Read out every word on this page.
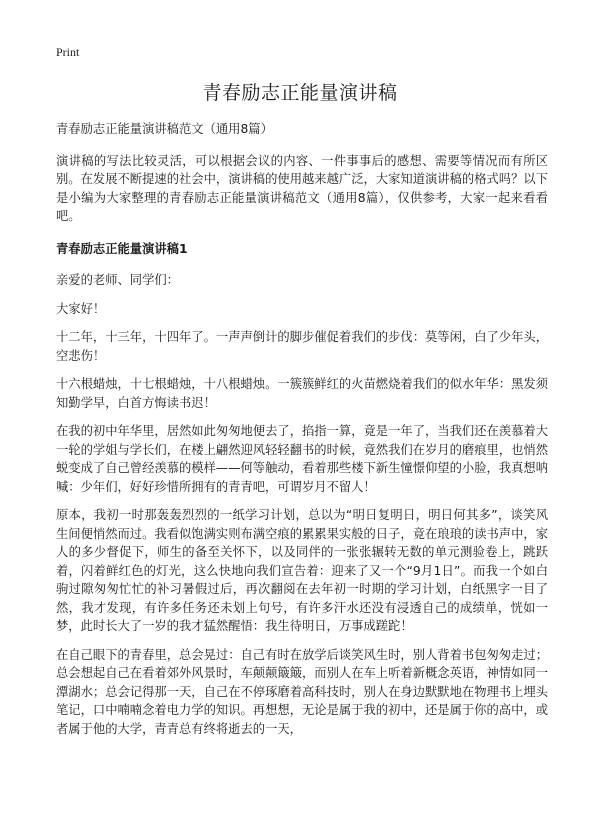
Print
青春励志正能量演讲稿

青春励志正能量演讲稿范文（通用8篇）

演讲稿的写法比较灵活，可以根据会议的内容、一件事事后的感想、需要等情况而有所区别。在发展不断提速的社会中，演讲稿的使用越来越广泛，大家知道演讲稿的格式吗？以下是小编为大家整理的青春励志正能量演讲稿范文（通用8篇），仅供参考，大家一起来看看吧。

青春励志正能量演讲稿1

亲爱的老师、同学们：

大家好！

十二年，十三年，十四年了。一声声倒计的脚步催促着我们的步伐：莫等闲，白了少年头，空悲伤！

十六根蜡烛，十七根蜡烛，十八根蜡烛。一簇簇鲜红的火苗燃烧着我们的似水年华：黑发须知勤学早，白首方悔读书迟！

在我的初中年华里，居然如此匆匆地便去了，掐指一算，竟是一年了，当我们还在羡慕着大一轮的学姐与学长们，在楼上翩然迎风轻轻翻书的时候，竟然我们在岁月的磨痕里，也悄然蜕变成了自己曾经羡慕的模样——何等触动，看着那些楼下新生憧憬仰望的小脸，我真想呐喊：少年们，好好珍惜所拥有的青青吧，可谓岁月不留人！

原本，我初一时那轰轰烈烈的一纸学习计划，总以为“明日复明日，明日何其多”，谈笑风生间便悄然而过。我看似饱满实则布满空痕的累累果实般的日子，竟在琅琅的读书声中，家人的多少督促下，师生的备至关怀下，以及同伴的一张张辗转无数的单元测验卷上，跳跃着，闪着鲜红色的灯光，这么快地向我们宣告着：迎来了又一个“9月1日”。而我一个如白驹过隙匆匆忙忙的补习暑假过后，再次翻阅在去年初一时期的学习计划，白纸黑字一目了然，我才发现，有许多任务还未划上句号，有许多汗水还没有浸透自己的成绩单，恍如一梦，此时长大了一岁的我才猛然醒悟：我生待明日，万事成蹉跎！

在自己眼下的青春里，总会晃过：自己有时在放学后谈笑风生时，别人背着书包匆匆走过；总会想起自己在看着郊外风景时，车颠颠簸簸，而别人在车上听着新概念英语，神情如同一潭湖水；总会记得那一天，自己在不停琢磨着高科技时，别人在身边默默地在物理书上埋头笔记，口中喃喃念着电力学的知识。再想想，无论是属于我的初中，还是属于你的高中，或者属于他的大学，青青总有终将逝去的一天，
